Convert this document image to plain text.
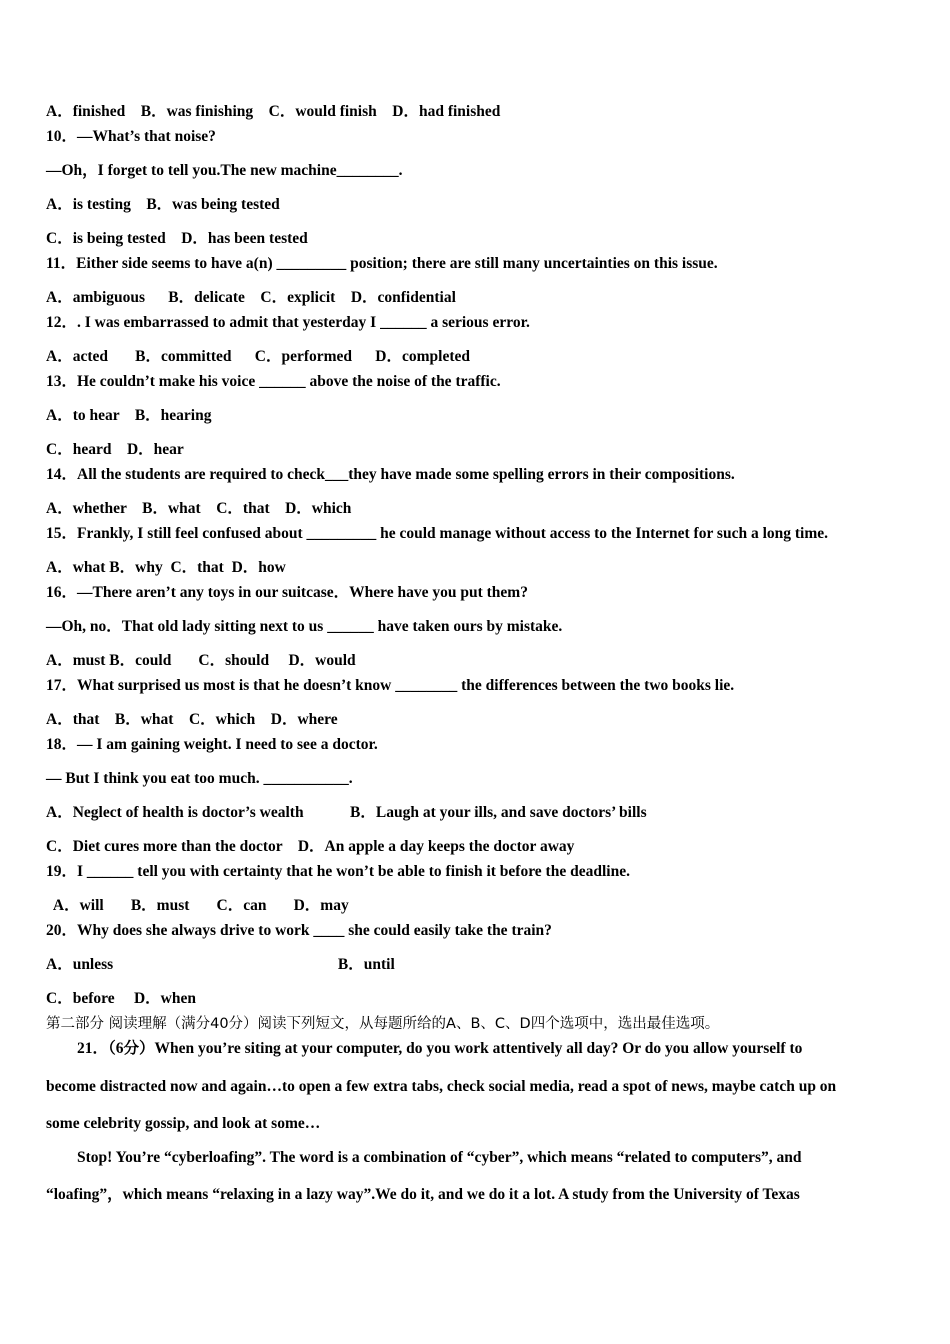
A．finished    B．was finishing    C．would finish    D．had finished
10．—What’s that noise?
—Oh，I forget to tell you.The new machine________.
A．is testing    B．was being tested
C．is being tested    D．has been tested
11．Either side seems to have a(n) _________ position; there are still many uncertainties on this issue.
A．ambiguous      B．delicate    C．explicit    D．confidential
12．. I was embarrassed to admit that yesterday I ______ a serious error.
A．acted       B．committed      C．performed      D．completed
13．He couldn’t make his voice ______ above the noise of the traffic.
A．to hear    B．hearing
C．heard    D．hear
14．All the students are required to check___they have made some spelling errors in their compositions.
A．whether    B．what    C．that    D．which
15．Frankly, I still feel confused about _________ he could manage without access to the Internet for such a long time.
A．what B．why  C．that  D．how
16．—There aren’t any toys in our suitcase．Where have you put them?
—Oh, no．That old lady sitting next to us ______ have taken ours by mistake.
A．must B．could       C．should     D．would
17．What surprised us most is that he doesn’t know ________ the differences between the two books lie.
A．that    B．what    C．which    D．where
18．— I am gaining weight. I need to see a doctor.
— But I think you eat too much. ___________.
A．Neglect of health is doctor’s wealth            B．Laugh at your ills, and save doctors’ bills
C．Diet cures more than the doctor    D．An apple a day keeps the doctor away
19．I ______ tell you with certainty that he won’t be able to finish it before the deadline.
A．will       B．must       C．can       D．may
20．Why does she always drive to work ____ she could easily take the train?
A．unless                                                          B．until
C．before     D．when
第二部分 阅读理解（满分40分）阅读下列短文，从每题所给的A、B、C、D四个选项中，选出最佳选项。
21．（6分）When you’re siting at your computer, do you work attentively all day? Or do you allow yourself to
become distracted now and again…to open a few extra tabs, check social media, read a spot of news, maybe catch up on
some celebrity gossip, and look at some…
Stop! You’re “cyberloafing”. The word is a combination of “cyber”, which means “related to computers”, and
“loafing”，which means “relaxing in a lazy way”.We do it, and we do it a lot. A study from the University of Texas
